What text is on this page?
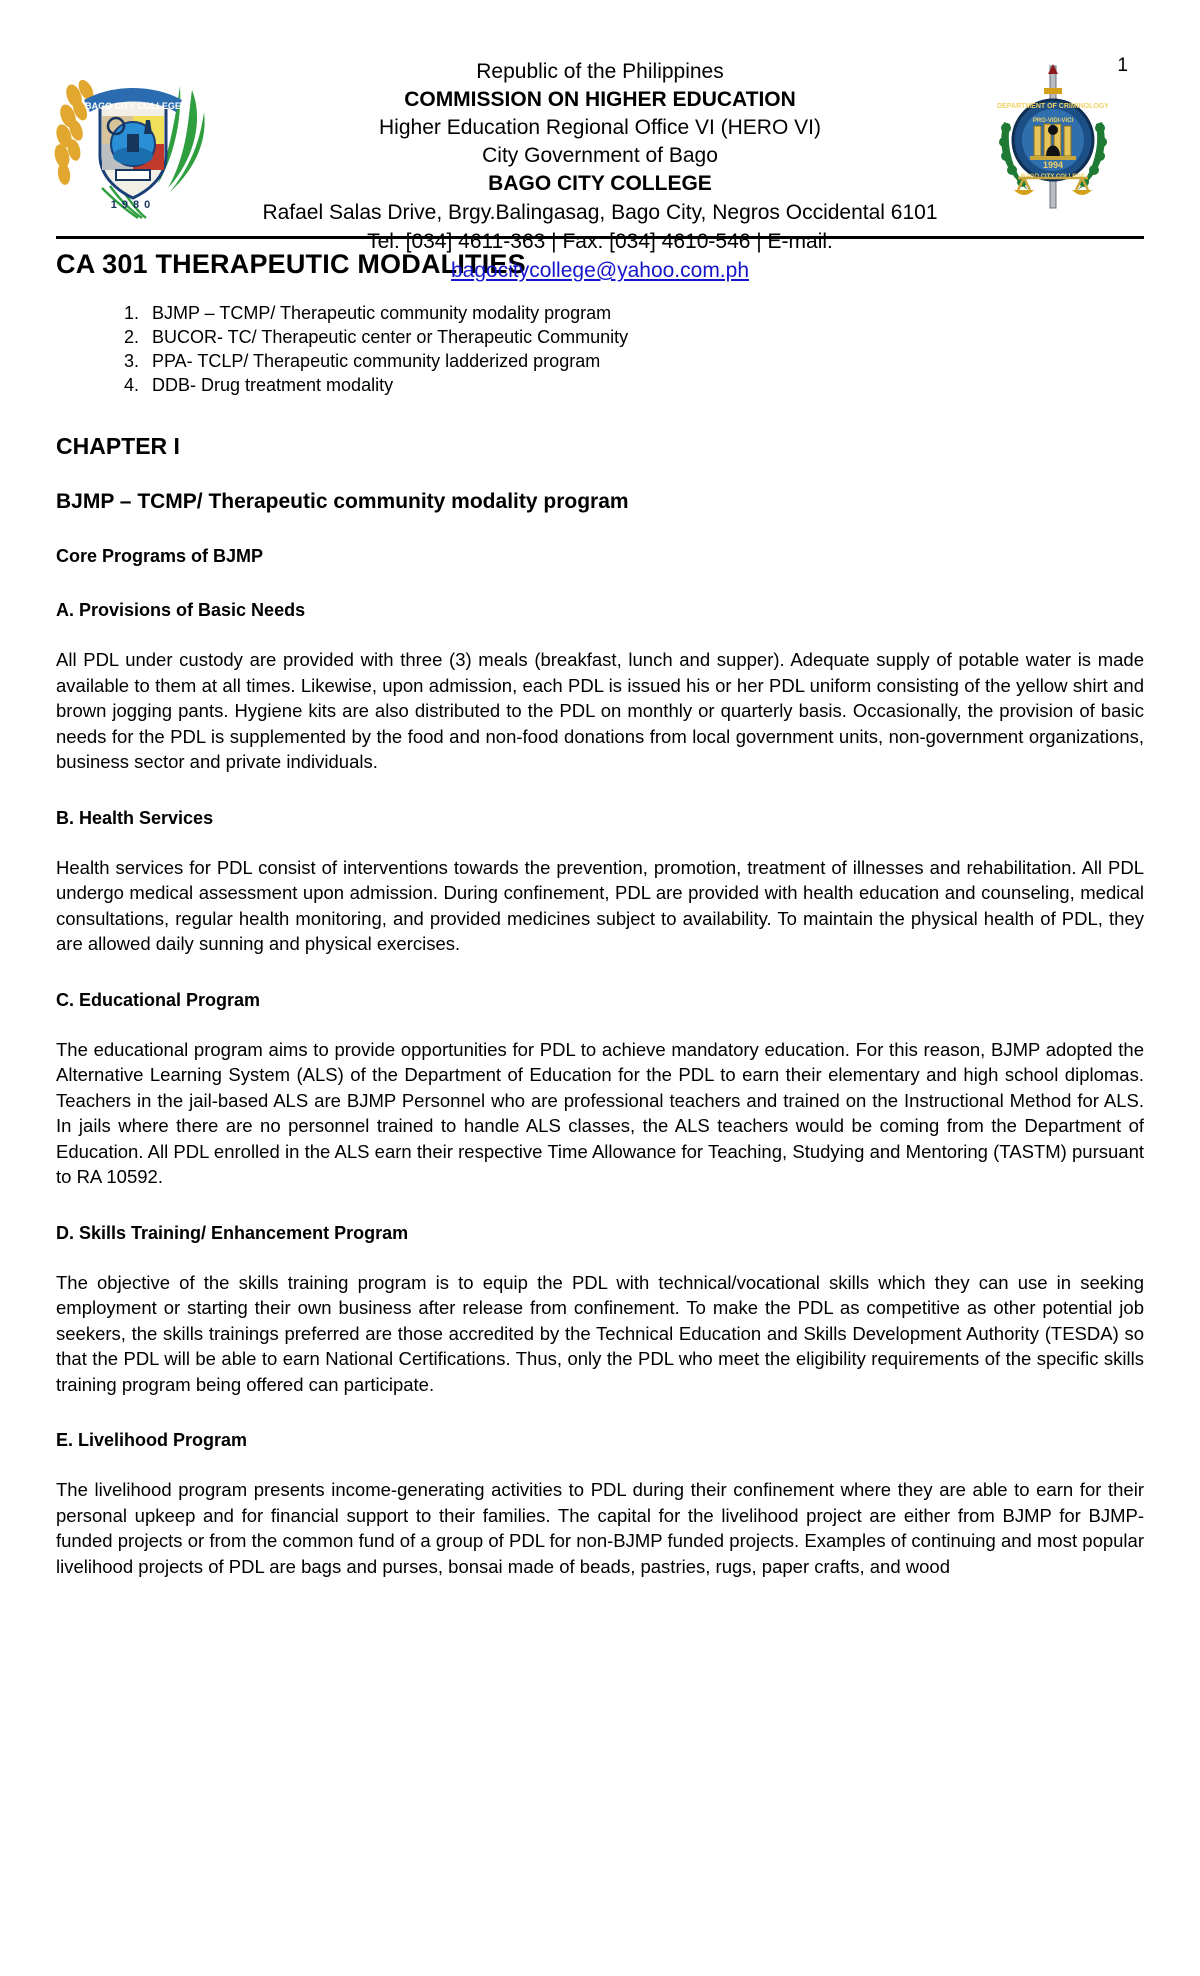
1
BAGO CITY COLLEGE
1980
DEPARTMENT OF CRIMINOLOGY
PRO-VIDI-VICI
1994
BAGO CITY COLLEGE
Republic of the Philippines
COMMISSION ON HIGHER EDUCATION
Higher Education Regional Office VI (HERO VI)
City Government of Bago
BAGO CITY COLLEGE
Rafael Salas Drive, Brgy.Balingasag, Bago City, Negros Occidental 6101
Tel: [034] 4611-363 | Fax: [034] 4610-546 | E-mail:
bagocitycollege@yahoo.com.ph
CA 301 THERAPEUTIC MODALITIES
1. BJMP – TCMP/ Therapeutic community modality program
2. BUCOR- TC/ Therapeutic center or Therapeutic Community
3. PPA- TCLP/ Therapeutic community ladderized program
4. DDB- Drug treatment modality
CHAPTER I
BJMP – TCMP/ Therapeutic community modality program
Core Programs of BJMP
A. Provisions of Basic Needs

All PDL under custody are provided with three (3) meals (breakfast, lunch and supper). Adequate supply of potable water is made available to them at all times. Likewise, upon admission, each PDL is issued his or her PDL uniform consisting of the yellow shirt and brown jogging pants. Hygiene kits are also distributed to the PDL on monthly or quarterly basis. Occasionally, the provision of basic needs for the PDL is supplemented by the food and non-food donations from local government units, non-government organizations, business sector and private individuals.

B. Health Services

Health services for PDL consist of interventions towards the prevention, promotion, treatment of illnesses and rehabilitation. All PDL undergo medical assessment upon admission. During confinement, PDL are provided with health education and counseling, medical consultations, regular health monitoring, and provided medicines subject to availability. To maintain the physical health of PDL, they are allowed daily sunning and physical exercises.

C. Educational Program

The educational program aims to provide opportunities for PDL to achieve mandatory education. For this reason, BJMP adopted the Alternative Learning System (ALS) of the Department of Education for the PDL to earn their elementary and high school diplomas. Teachers in the jail-based ALS are BJMP Personnel who are professional teachers and trained on the Instructional Method for ALS. In jails where there are no personnel trained to handle ALS classes, the ALS teachers would be coming from the Department of Education. All PDL enrolled in the ALS earn their respective Time Allowance for Teaching, Studying and Mentoring (TASTM) pursuant to RA 10592.

D. Skills Training/ Enhancement Program

The objective of the skills training program is to equip the PDL with technical/vocational skills which they can use in seeking employment or starting their own business after release from confinement. To make the PDL as competitive as other potential job seekers, the skills trainings preferred are those accredited by the Technical Education and Skills Development Authority (TESDA) so that the PDL will be able to earn National Certifications. Thus, only the PDL who meet the eligibility requirements of the specific skills training program being offered can participate.

E. Livelihood Program

The livelihood program presents income-generating activities to PDL during their confinement where they are able to earn for their personal upkeep and for financial support to their families. The capital for the livelihood project are either from BJMP for BJMP-funded projects or from the common fund of a group of PDL for non-BJMP funded projects. Examples of continuing and most popular livelihood projects of PDL are bags and purses, bonsai made of beads, pastries, rugs, paper crafts, and wood
